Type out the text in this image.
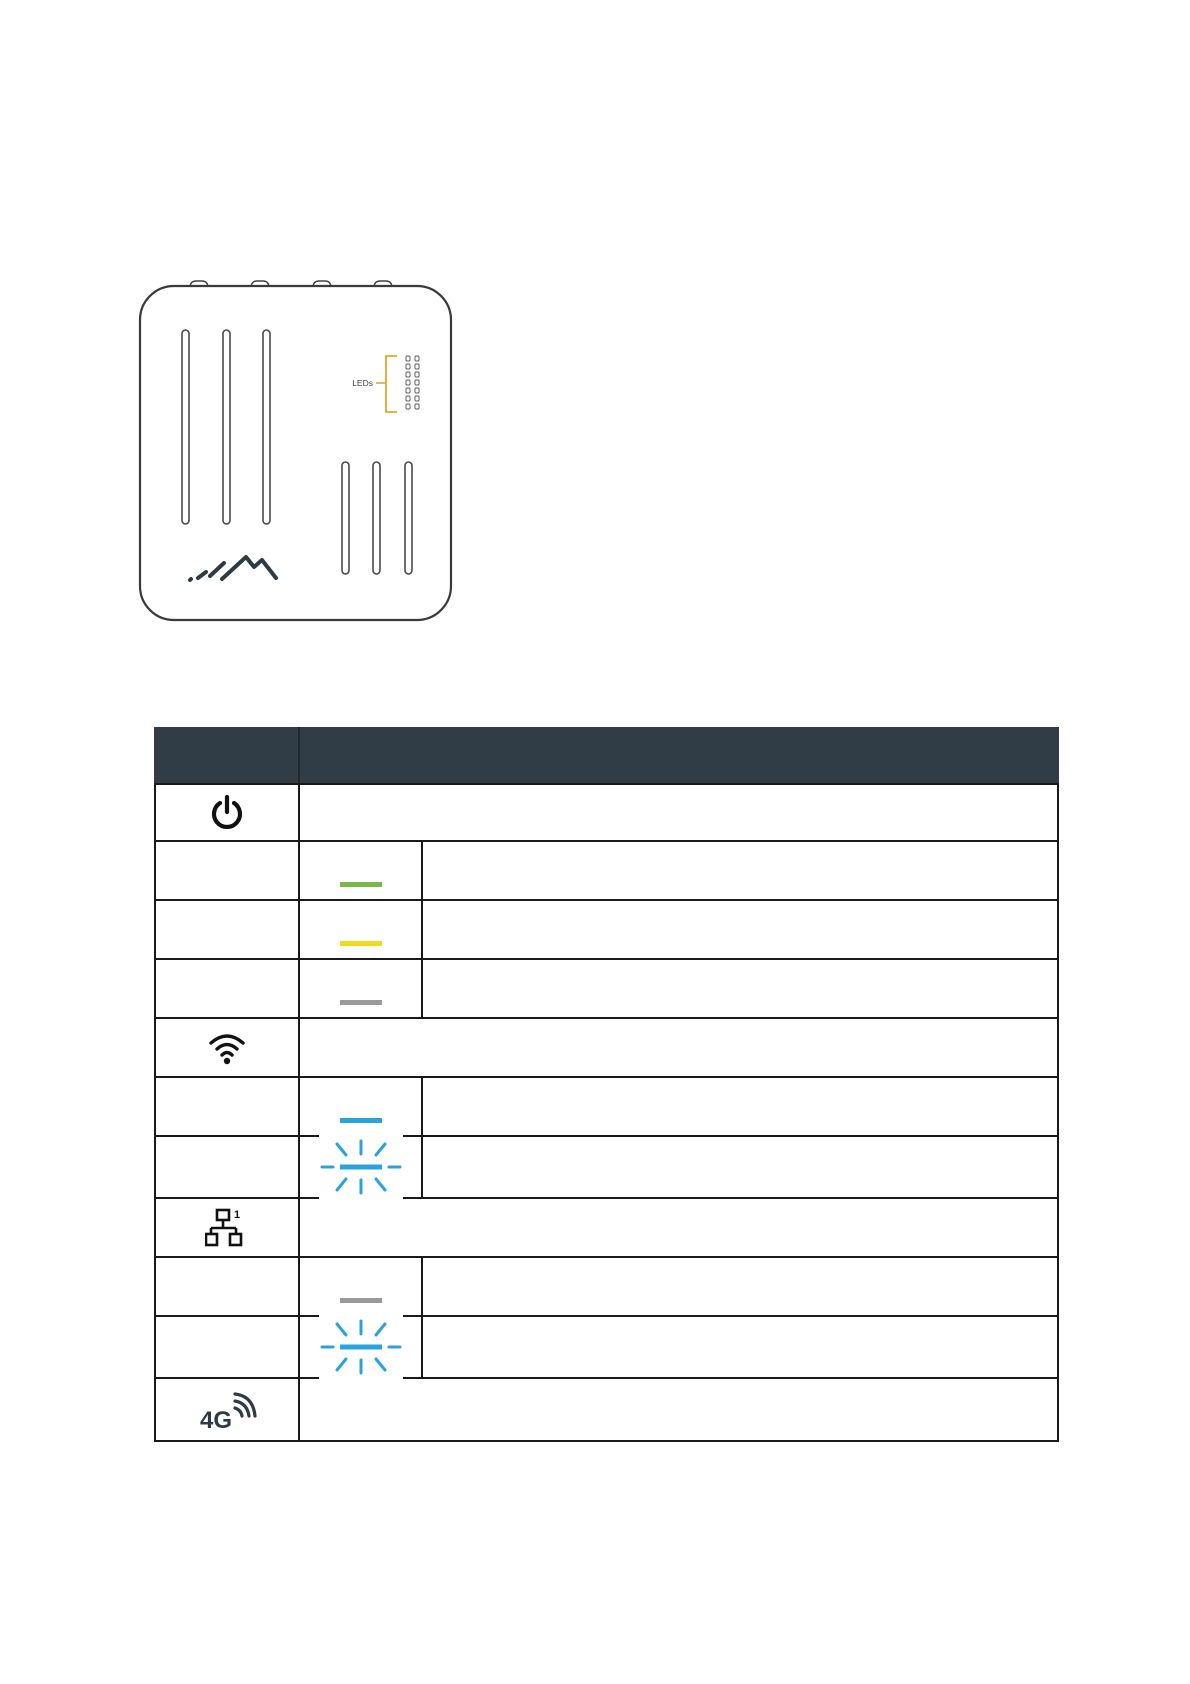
LEDs
1
4G
